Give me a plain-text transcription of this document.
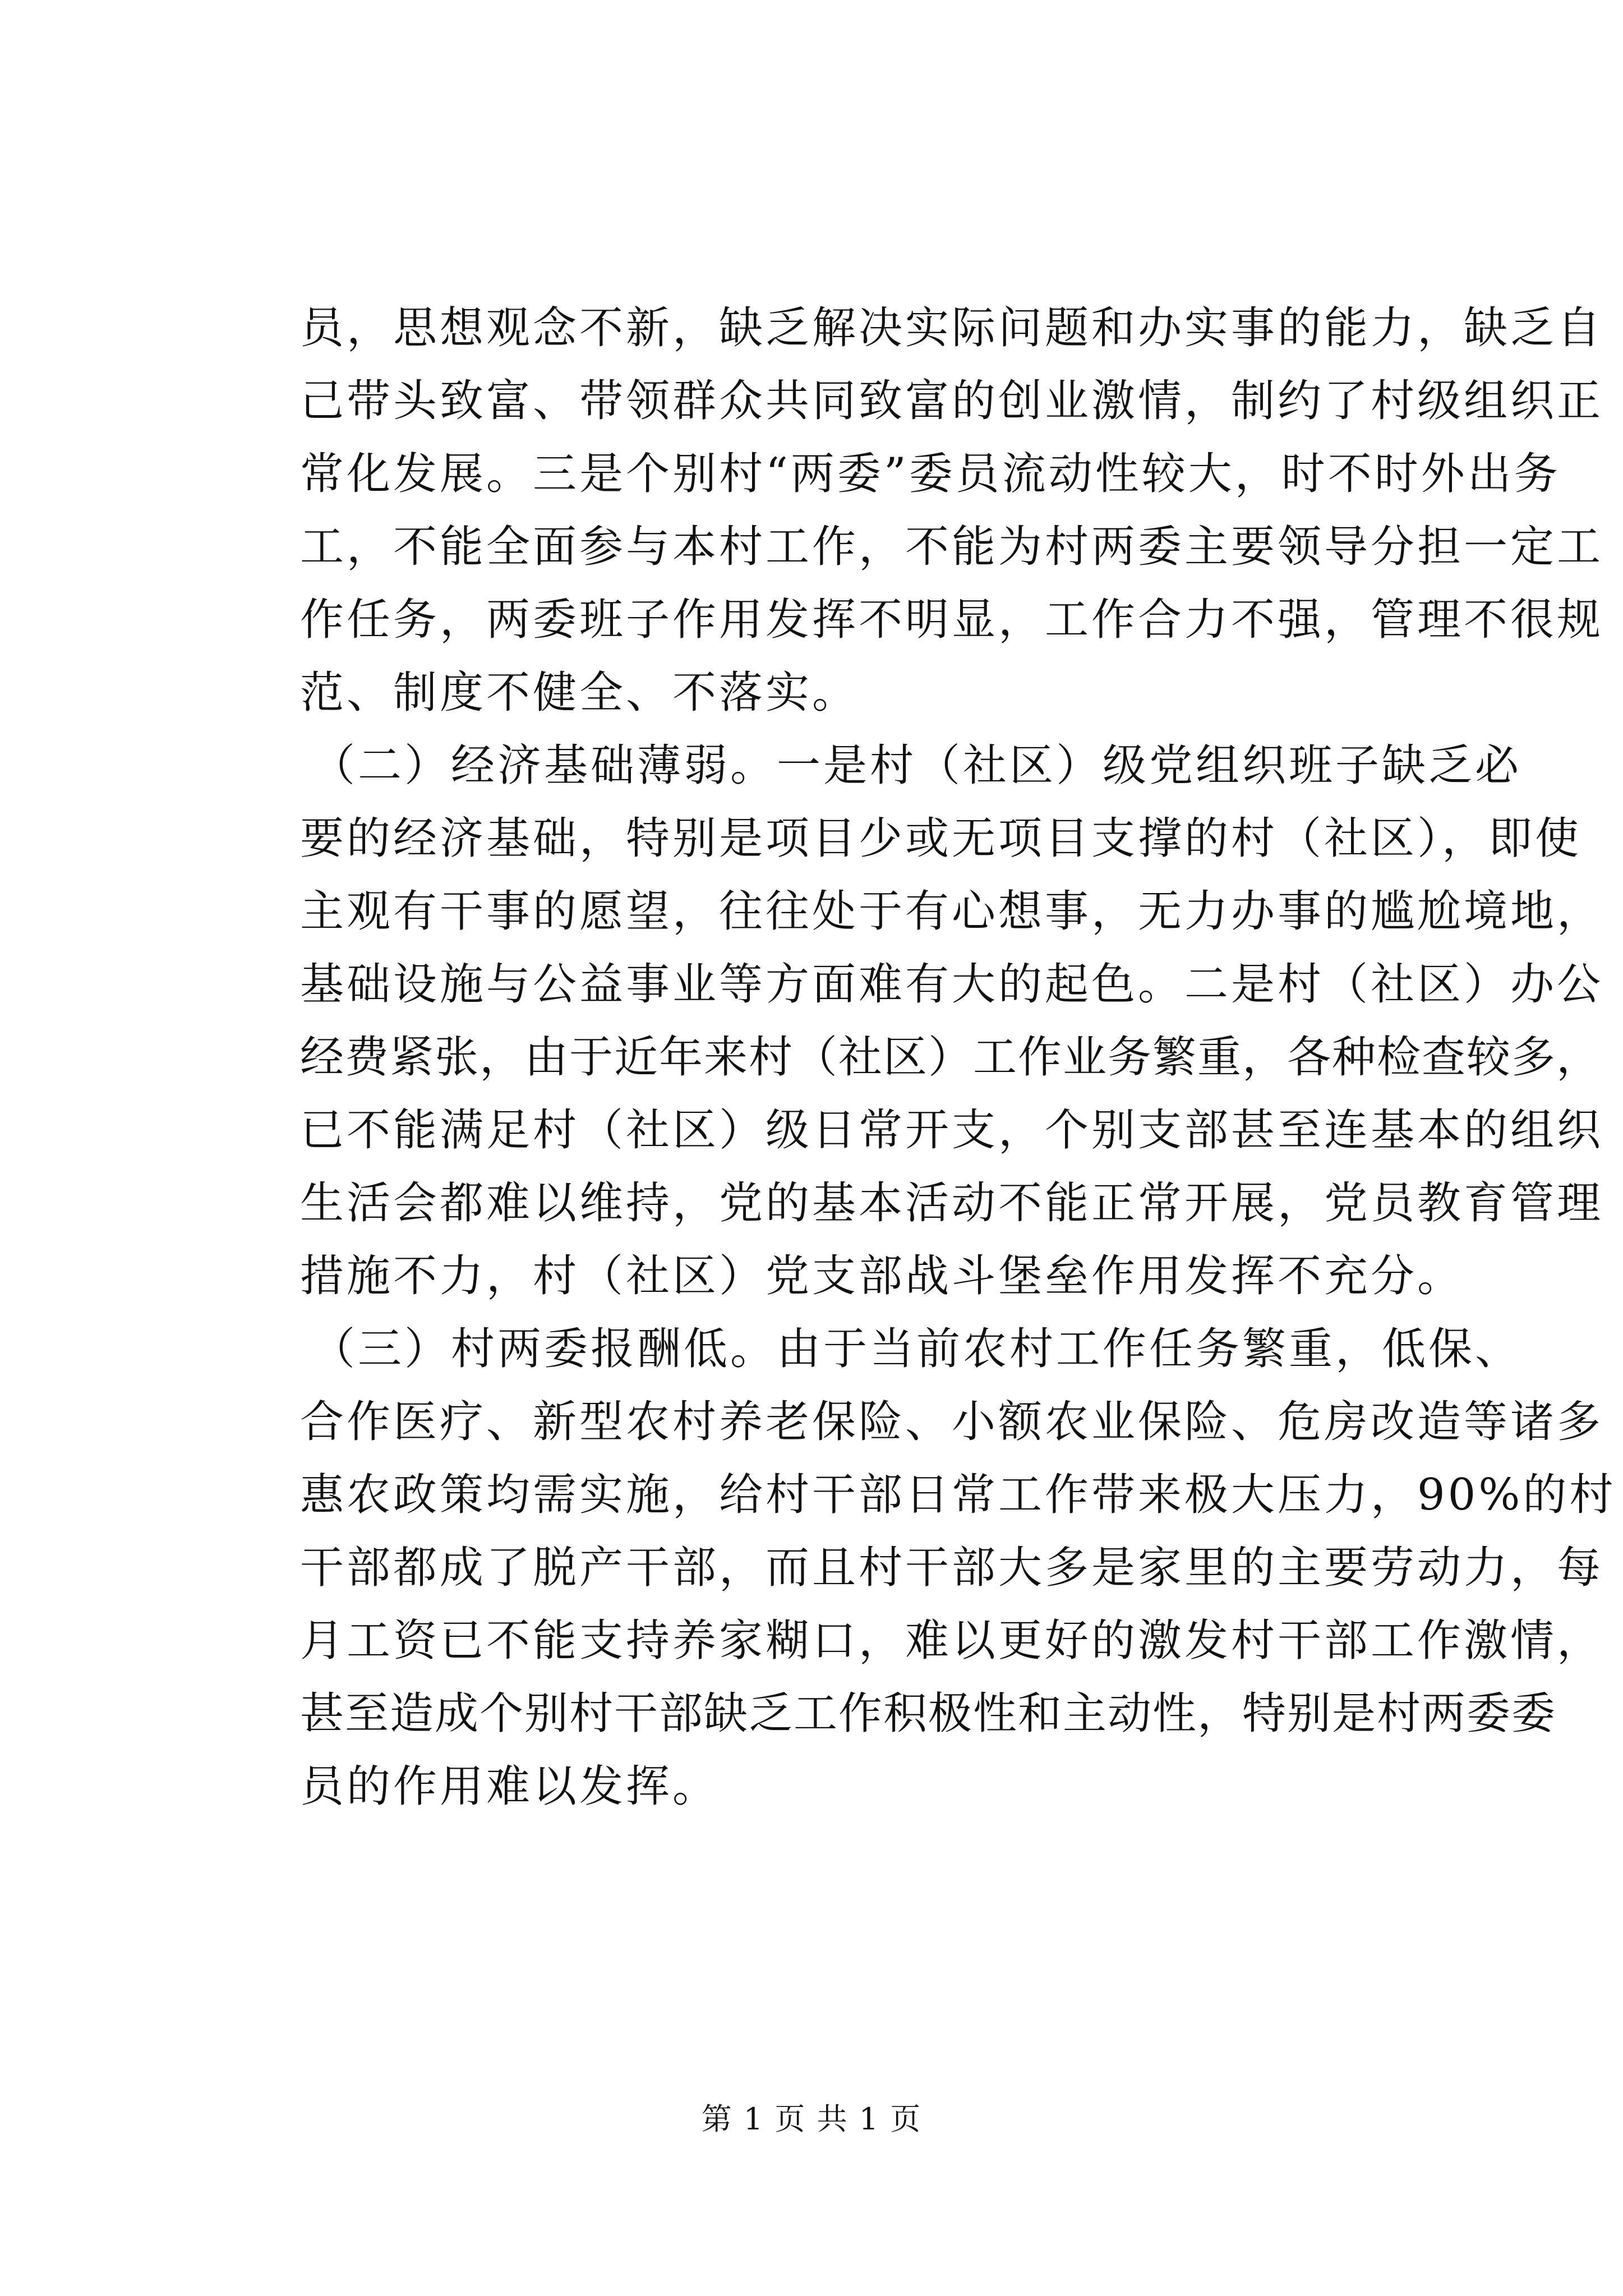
员，思想观念不新，缺乏解决实际问题和办实事的能力，缺乏自
己带头致富、带领群众共同致富的创业激情，制约了村级组织正
常化发展。三是个别村“两委”委员流动性较大，时不时外出务
工，不能全面参与本村工作，不能为村两委主要领导分担一定工
作任务，两委班子作用发挥不明显，工作合力不强，管理不很规
范、制度不健全、不落实。
（二）经济基础薄弱。一是村（社区）级党组织班子缺乏必
要的经济基础，特别是项目少或无项目支撑的村（社区），即使
主观有干事的愿望，往往处于有心想事，无力办事的尴尬境地，
基础设施与公益事业等方面难有大的起色。二是村（社区）办公
经费紧张，由于近年来村（社区）工作业务繁重，各种检查较多，
已不能满足村（社区）级日常开支，个别支部甚至连基本的组织
生活会都难以维持，党的基本活动不能正常开展，党员教育管理
措施不力，村（社区）党支部战斗堡垒作用发挥不充分。
（三）村两委报酬低。由于当前农村工作任务繁重，低保、
合作医疗、新型农村养老保险、小额农业保险、危房改造等诸多
惠农政策均需实施，给村干部日常工作带来极大压力，90%的村
干部都成了脱产干部，而且村干部大多是家里的主要劳动力，每
月工资已不能支持养家糊口，难以更好的激发村干部工作激情，
甚至造成个别村干部缺乏工作积极性和主动性，特别是村两委委
员的作用难以发挥。
第 1 页 共 1 页
